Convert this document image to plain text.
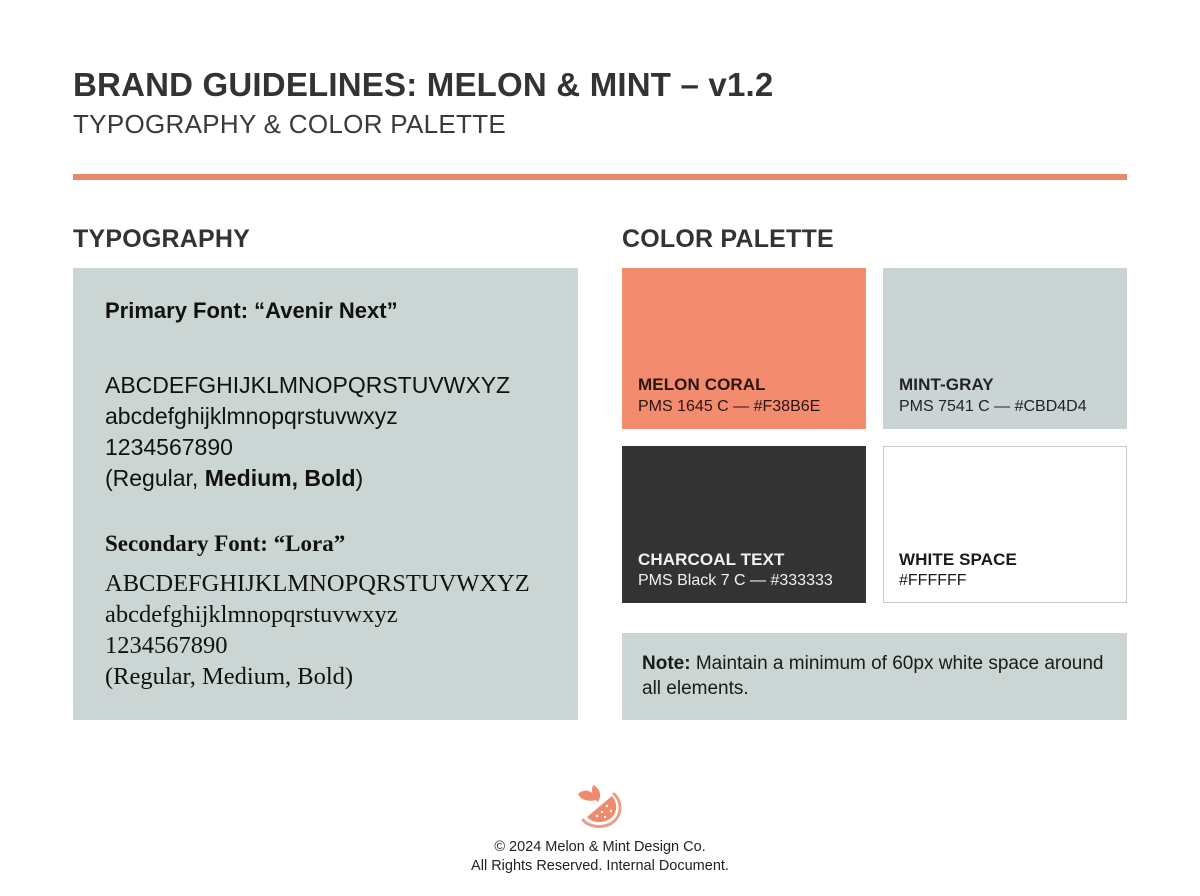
BRAND GUIDELINES: MELON & MINT – v1.2
TYPOGRAPHY & COLOR PALETTE
TYPOGRAPHY	COLOR PALETTE
Primary Font: “Avenir Next”
ABCDEFGHIJKLMNOPQRSTUVWXYZ
abcdefghijklmnopqrstuvwxyz
1234567890
(Regular, Medium, Bold)
Secondary Font: “Lora”
ABCDEFGHIJKLMNOPQRSTUVWXYZ
abcdefghijklmnopqrstuvwxyz
1234567890
(Regular, Medium, Bold)
MELON CORAL
PMS 1645 C — #F38B6E
MINT-GRAY
PMS 7541 C — #CBD4D4
CHARCOAL TEXT
PMS Black 7 C — #333333
WHITE SPACE
#FFFFFF
Note: Maintain a minimum of 60px white space around all elements.
© 2024 Melon & Mint Design Co.
All Rights Reserved. Internal Document.
